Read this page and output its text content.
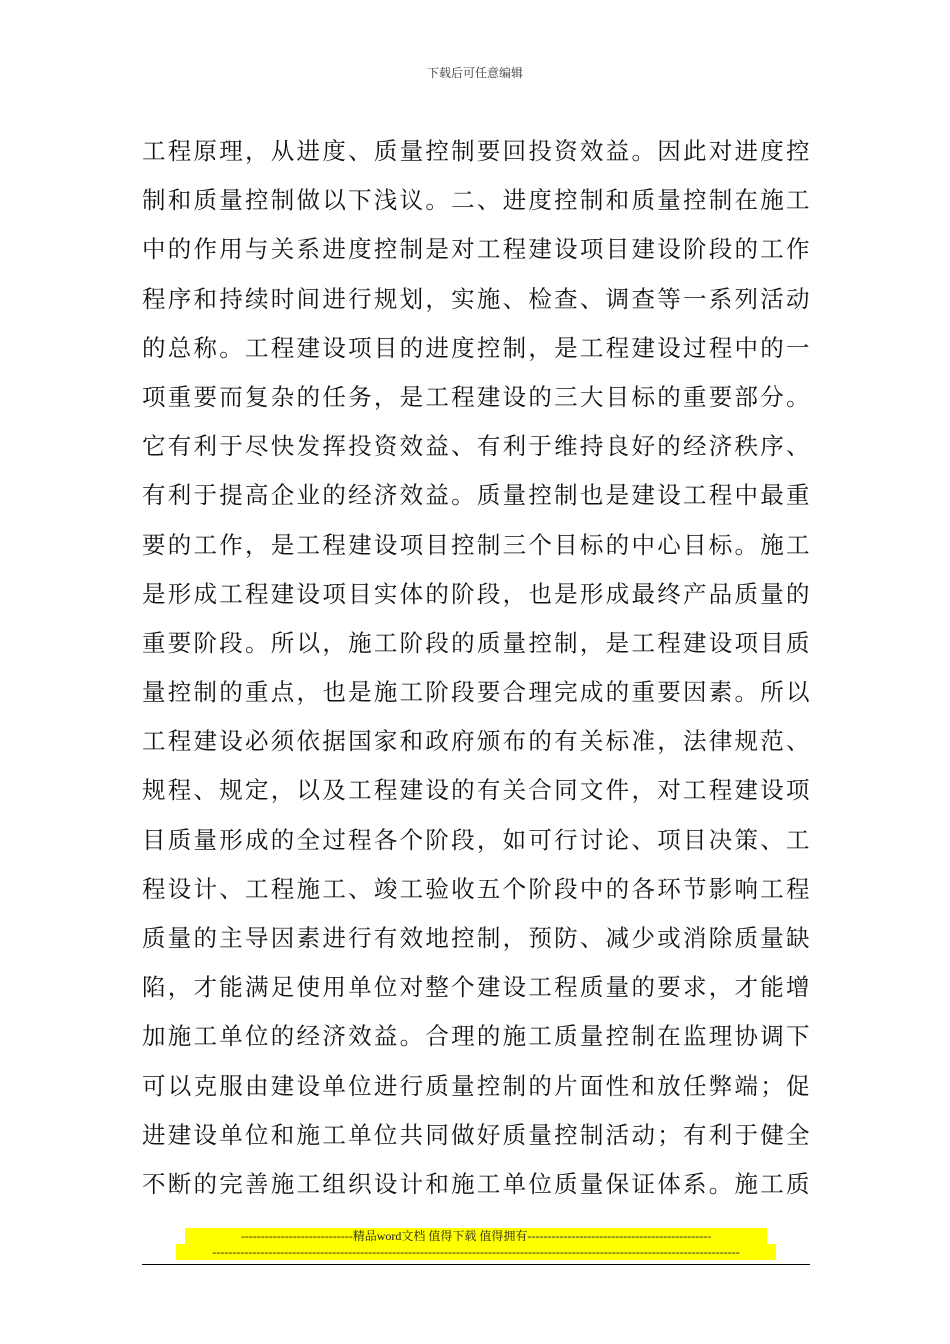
下载后可任意编辑
工程原理，从进度、质量控制要回投资效益。因此对进度控
制和质量控制做以下浅议。二、进度控制和质量控制在施工
中的作用与关系进度控制是对工程建设项目建设阶段的工作
程序和持续时间进行规划，实施、检查、调查等一系列活动
的总称。工程建设项目的进度控制，是工程建设过程中的一
项重要而复杂的任务，是工程建设的三大目标的重要部分。
它有利于尽快发挥投资效益、有利于维持良好的经济秩序、
有利于提高企业的经济效益。质量控制也是建设工程中最重
要的工作，是工程建设项目控制三个目标的中心目标。施工
是形成工程建设项目实体的阶段，也是形成最终产品质量的
重要阶段。所以，施工阶段的质量控制，是工程建设项目质
量控制的重点，也是施工阶段要合理完成的重要因素。所以
工程建设必须依据国家和政府颁布的有关标准，法律规范、
规程、规定，以及工程建设的有关合同文件，对工程建设项
目质量形成的全过程各个阶段，如可行讨论、项目决策、工
程设计、工程施工、竣工验收五个阶段中的各环节影响工程
质量的主导因素进行有效地控制，预防、减少或消除质量缺
陷，才能满足使用单位对整个建设工程质量的要求，才能增
加施工单位的经济效益。合理的施工质量控制在监理协调下
可以克服由建设单位进行质量控制的片面性和放任弊端；促
进建设单位和施工单位共同做好质量控制活动；有利于健全
不断的完善施工组织设计和施工单位质量保证体系。施工质
----------------------------精品word文档 值得下载 值得拥有----------------------------------------------
------------------------------------------------------------------------------------------------------------------------------------
